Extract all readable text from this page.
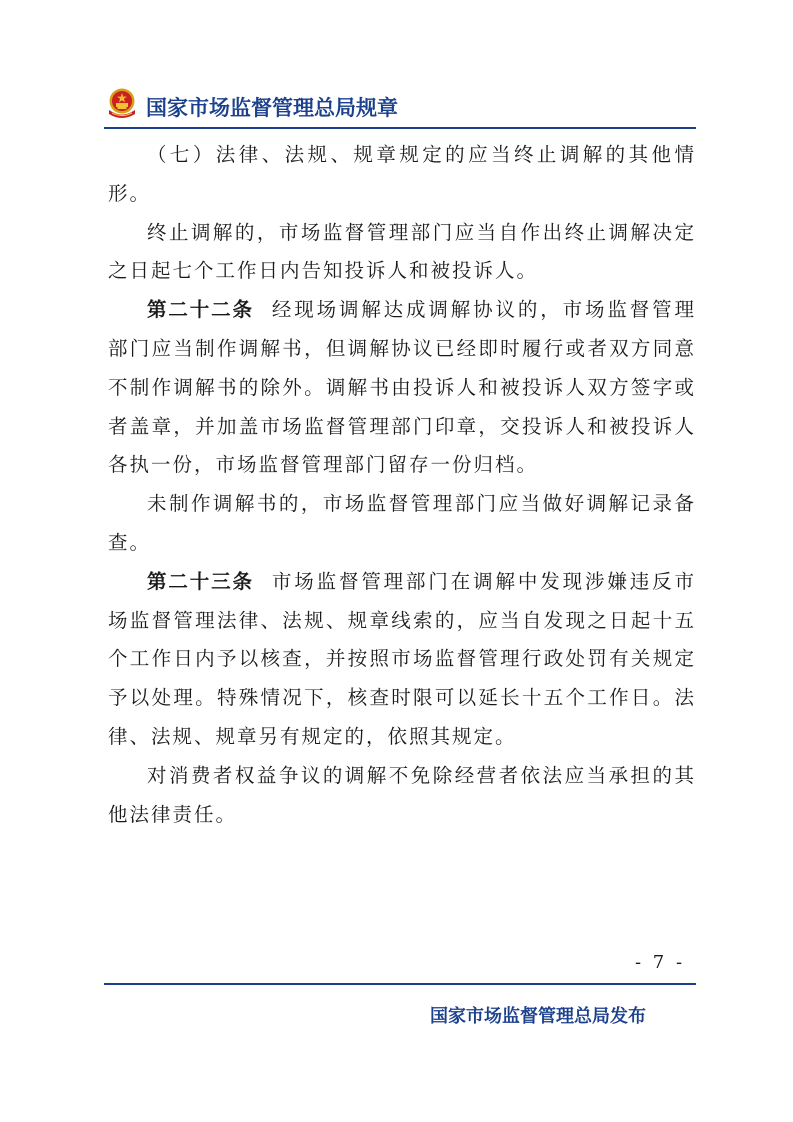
国家市场监督管理总局规章

（七）法律、法规、规章规定的应当终止调解的其他情形。

终止调解的，市场监督管理部门应当自作出终止调解决定之日起七个工作日内告知投诉人和被投诉人。

第二十二条 经现场调解达成调解协议的，市场监督管理部门应当制作调解书，但调解协议已经即时履行或者双方同意不制作调解书的除外。调解书由投诉人和被投诉人双方签字或者盖章，并加盖市场监督管理部门印章，交投诉人和被投诉人各执一份，市场监督管理部门留存一份归档。

未制作调解书的，市场监督管理部门应当做好调解记录备查。

第二十三条 市场监督管理部门在调解中发现涉嫌违反市场监督管理法律、法规、规章线索的，应当自发现之日起十五个工作日内予以核查，并按照市场监督管理行政处罚有关规定予以处理。特殊情况下，核查时限可以延长十五个工作日。法律、法规、规章另有规定的，依照其规定。

对消费者权益争议的调解不免除经营者依法应当承担的其他法律责任。

- 7 -
国家市场监督管理总局发布
